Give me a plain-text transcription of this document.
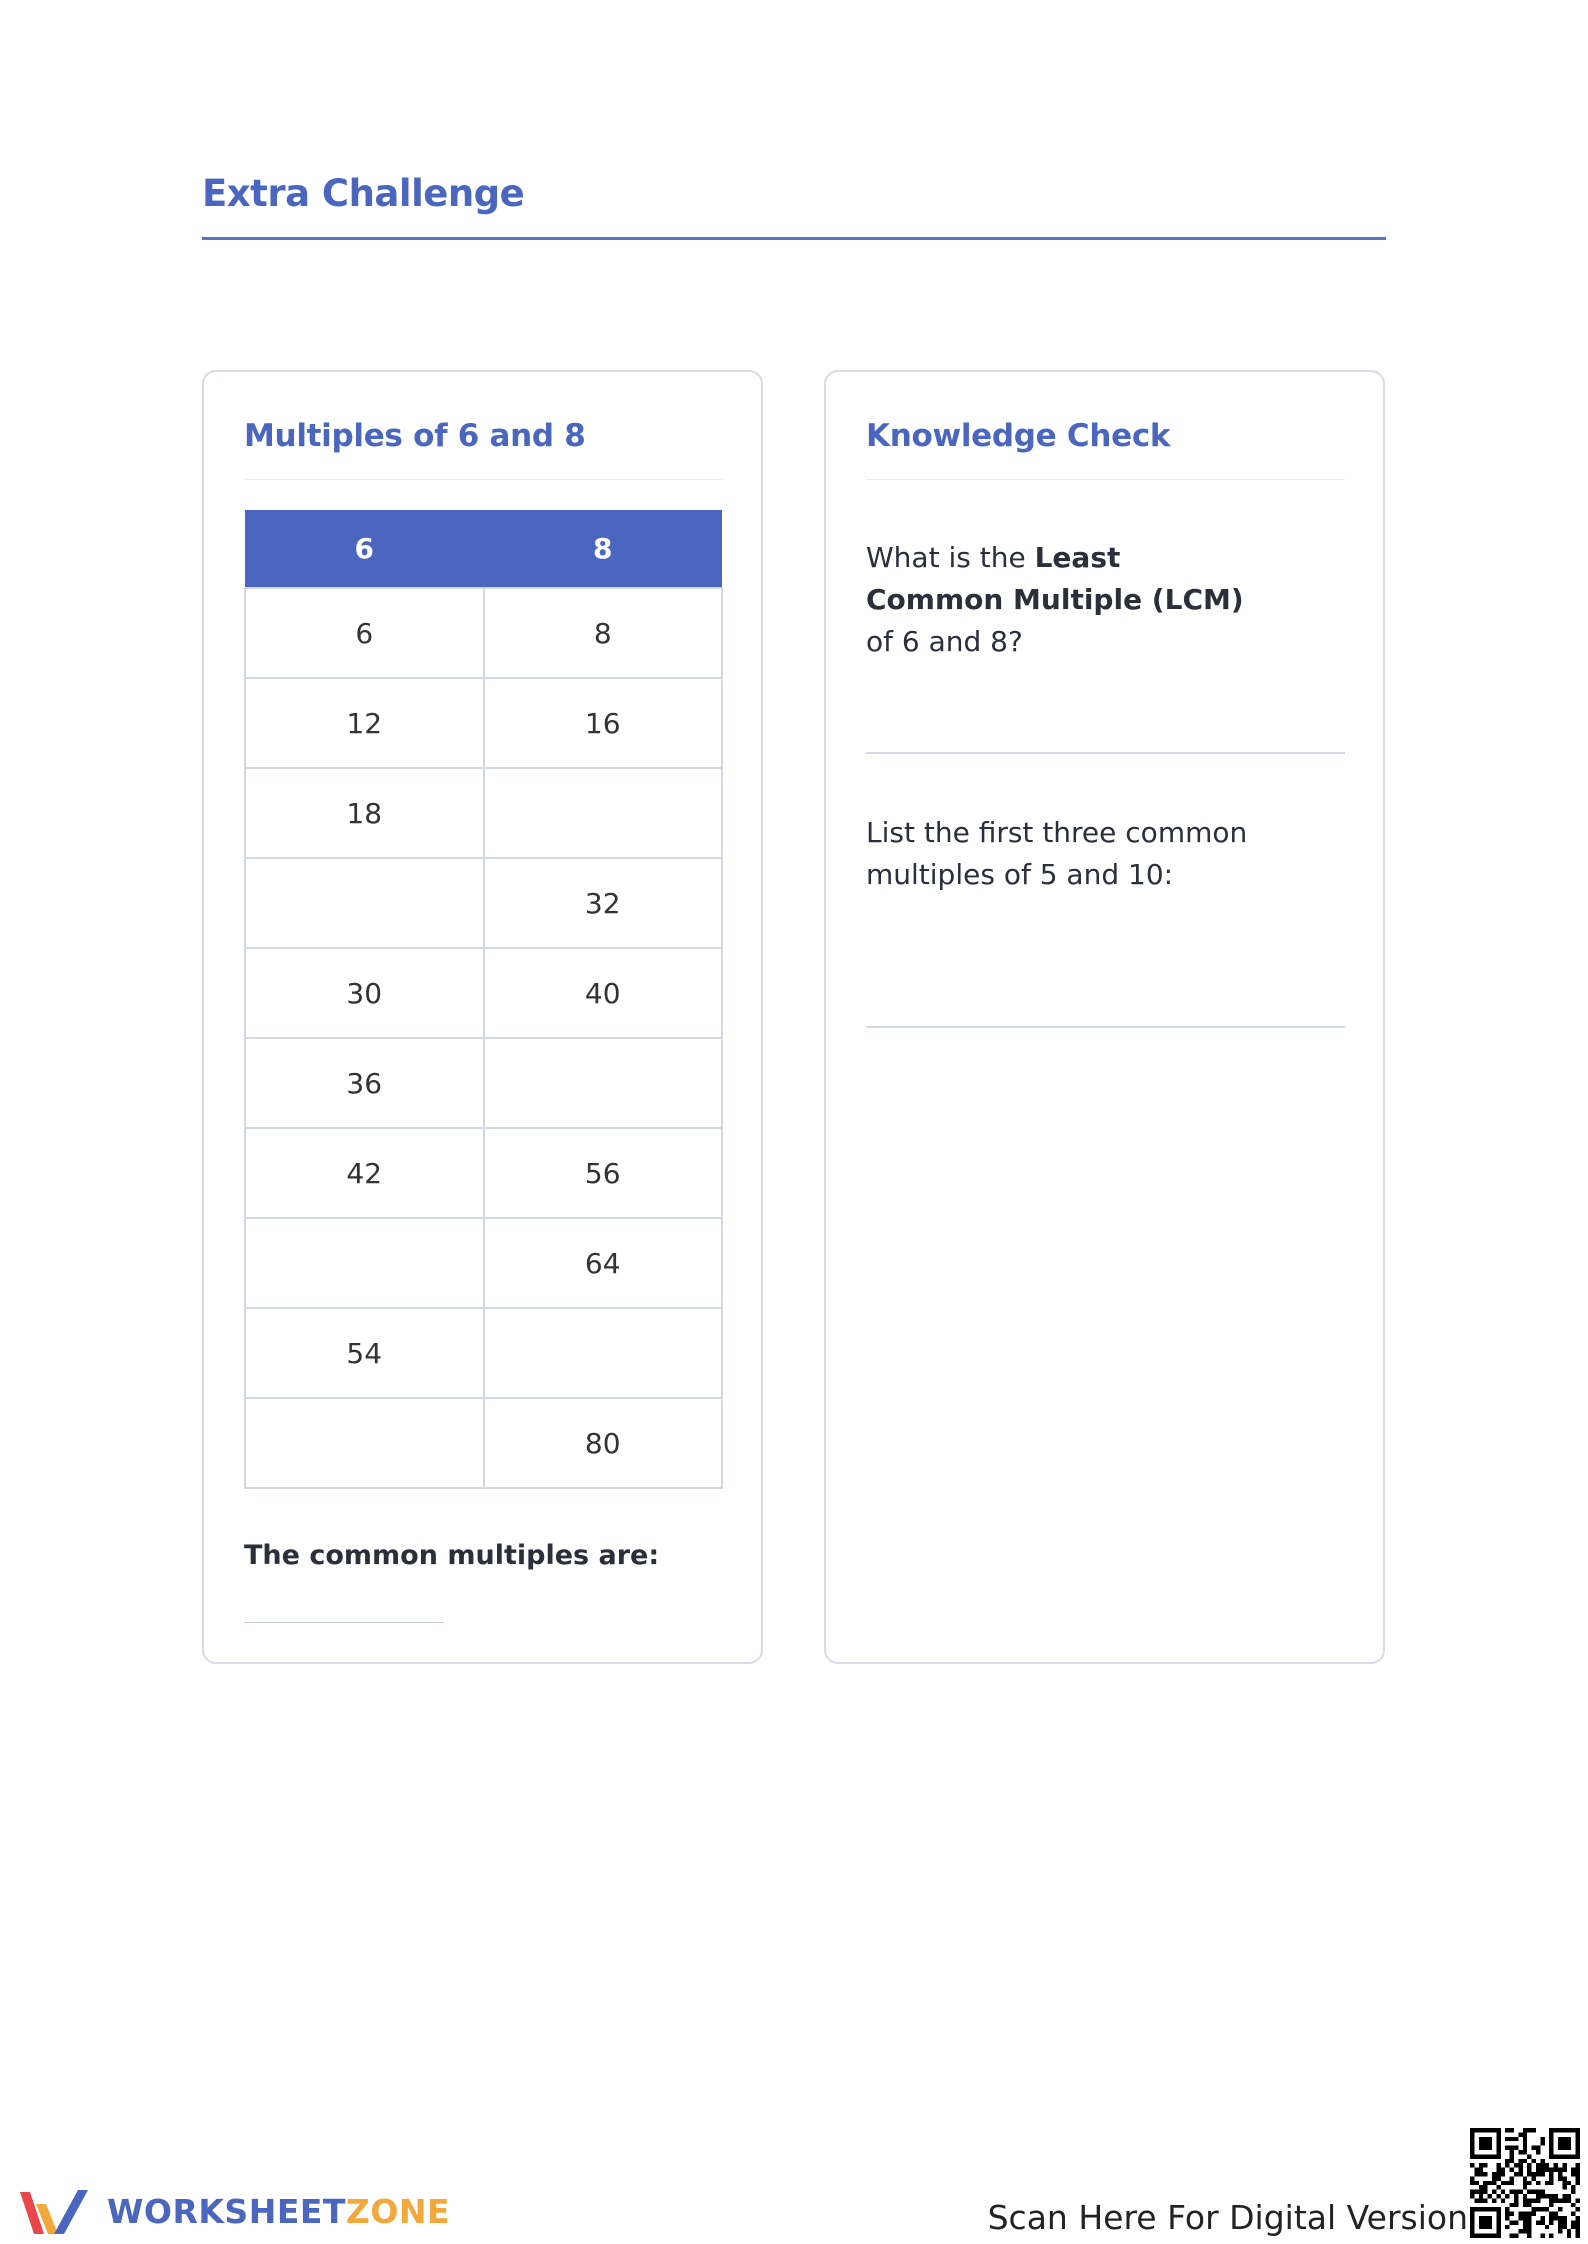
Extra Challenge
Multiples of 6 and 8
6	8
6	8
12	16
18	
	32
30	40
36	
42	56
	64
54	
	80
The common multiples are:
Knowledge Check
What is the Least Common Multiple (LCM) of 6 and 8?
List the first three common multiples of 5 and 10:
WORKSHEETZONE	Scan Here For Digital Version
